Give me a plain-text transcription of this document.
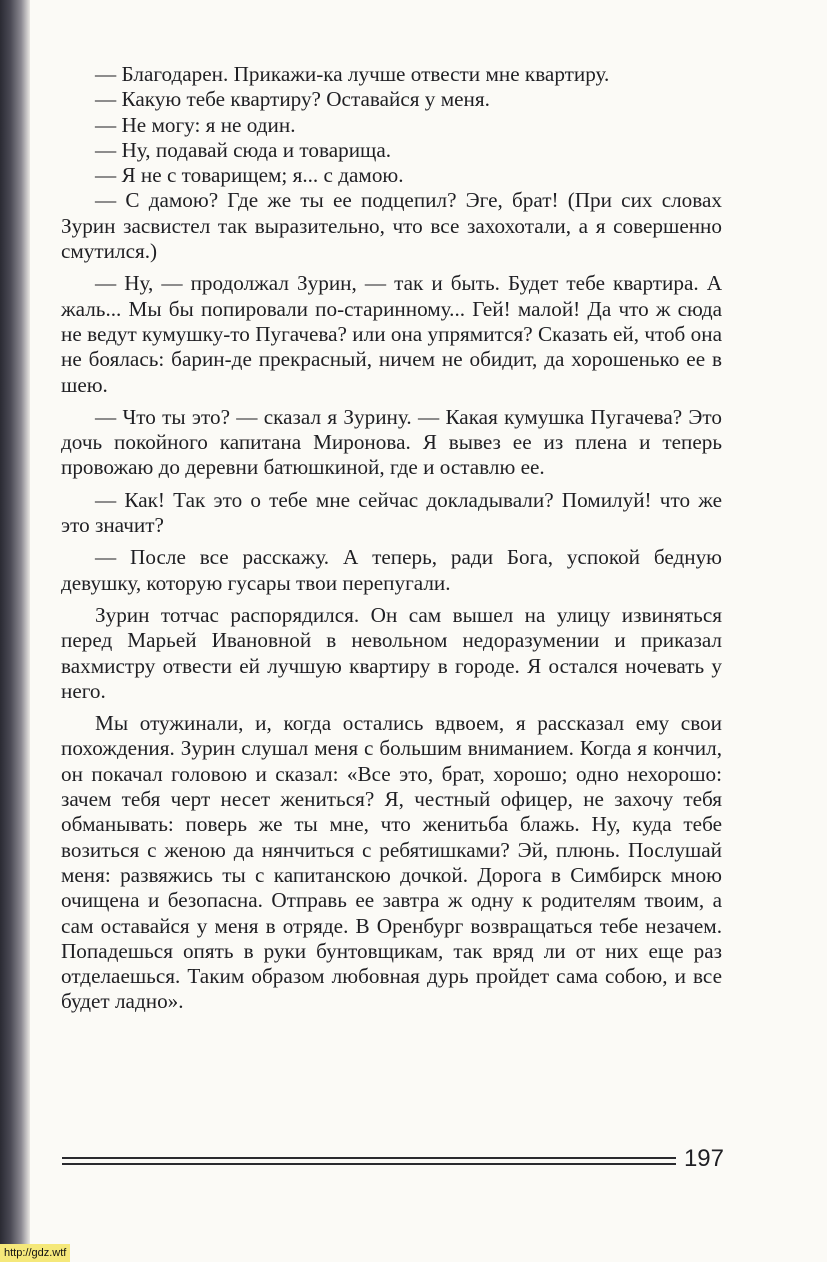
— Благодарен. Прикажи-ка лучше отвести мне квартиру.

— Какую тебе квартиру? Оставайся у меня.

— Не могу: я не один.

— Ну, подавай сюда и товарища.

— Я не с товарищем; я... с дамою.

— С дамою? Где же ты ее подцепил? Эге, брат! (При сих словах Зурин засвистел так выразительно, что все захохотали, а я совершенно смутился.)

— Ну, — продолжал Зурин, — так и быть. Будет тебе квартира. А жаль... Мы бы попировали по-старинному... Гей! малой! Да что ж сюда не ведут кумушку-то Пугачева? или она упрямится? Сказать ей, чтоб она не боялась: барин-де прекрасный, ничем не обидит, да хорошенько ее в шею.

— Что ты это? — сказал я Зурину. — Какая кумушка Пугачева? Это дочь покойного капитана Миронова. Я вывез ее из плена и теперь провожаю до деревни батюшкиной, где и оставлю ее.

— Как! Так это о тебе мне сейчас докладывали? Помилуй! что же это значит?

— После все расскажу. А теперь, ради Бога, успокой бедную девушку, которую гусары твои перепугали.

Зурин тотчас распорядился. Он сам вышел на улицу извиняться перед Марьей Ивановной в невольном недоразумении и приказал вахмистру отвести ей лучшую квартиру в городе. Я остался ночевать у него.

Мы отужинали, и, когда остались вдвоем, я рассказал ему свои похождения. Зурин слушал меня с большим вниманием. Когда я кончил, он покачал головою и сказал: «Все это, брат, хорошо; одно нехорошо: зачем тебя черт несет жениться? Я, честный офицер, не захочу тебя обманывать: поверь же ты мне, что женитьба блажь. Ну, куда тебе возиться с женою да нянчиться с ребятишками? Эй, плюнь. Послушай меня: развяжись ты с капитанскою дочкой. Дорога в Симбирск мною очищена и безопасна. Отправь ее завтра ж одну к родителям твоим, а сам оставайся у меня в отряде. В Оренбург возвращаться тебе незачем. Попадешься опять в руки бунтовщикам, так вряд ли от них еще раз отделаешься. Таким образом любовная дурь пройдет сама собою, и все будет ладно».

197
http://gdz.wtf
